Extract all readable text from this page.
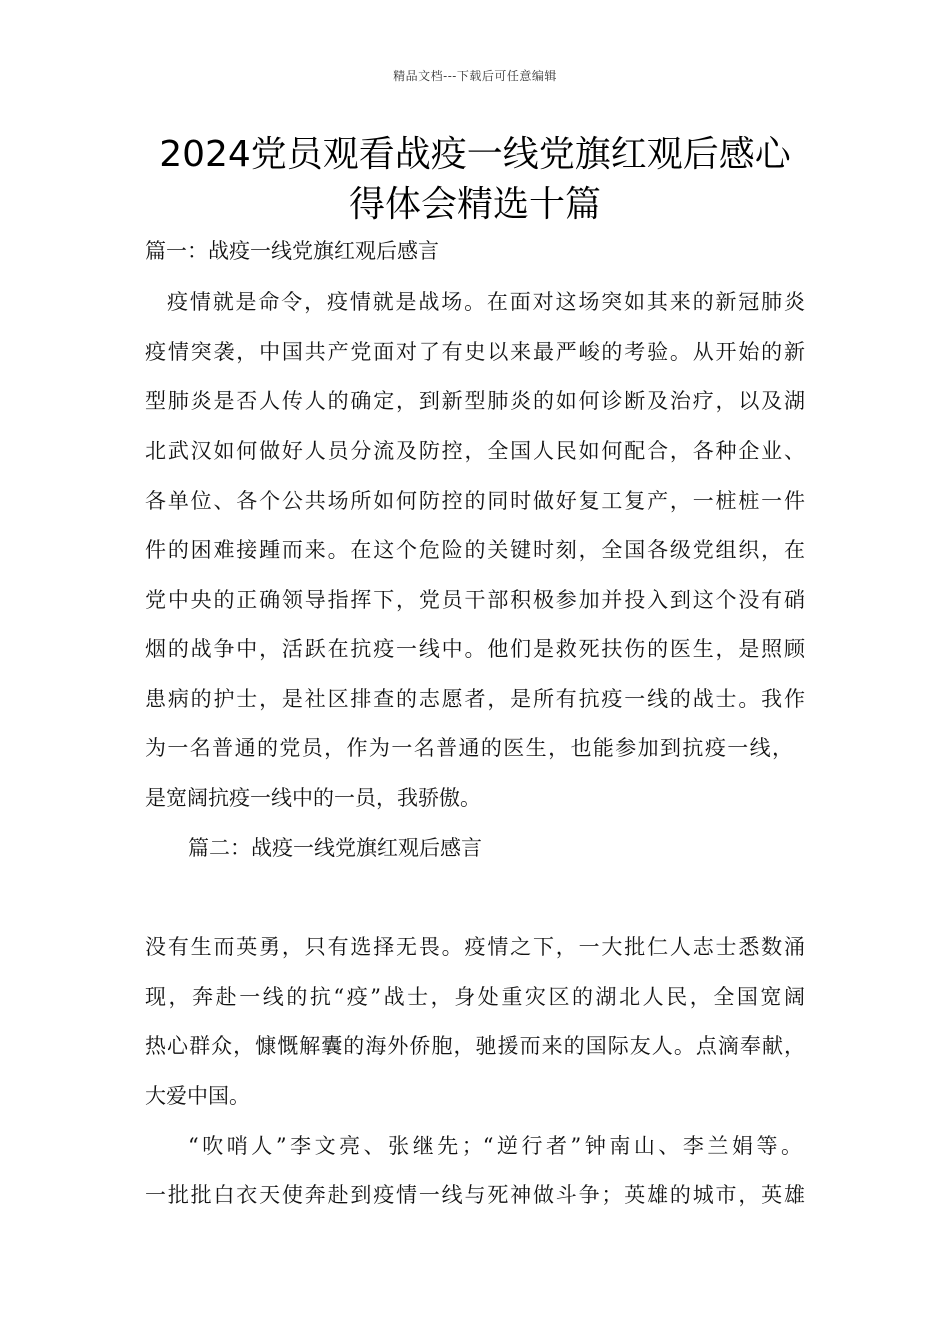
精品文档---下载后可任意编辑
2024党员观看战疫一线党旗红观后感心
得体会精选十篇

篇一：战疫一线党旗红观后感言

疫情就是命令，疫情就是战场。在面对这场突如其来的新冠肺炎

疫情突袭，中国共产党面对了有史以来最严峻的考验。从开始的新

型肺炎是否人传人的确定，到新型肺炎的如何诊断及治疗，以及湖

北武汉如何做好人员分流及防控，全国人民如何配合，各种企业、

各单位、各个公共场所如何防控的同时做好复工复产，一桩桩一件

件的困难接踵而来。在这个危险的关键时刻，全国各级党组织，在

党中央的正确领导指挥下，党员干部积极参加并投入到这个没有硝

烟的战争中，活跃在抗疫一线中。他们是救死扶伤的医生，是照顾

患病的护士，是社区排查的志愿者，是所有抗疫一线的战士。我作

为一名普通的党员，作为一名普通的医生，也能参加到抗疫一线，

是宽阔抗疫一线中的一员，我骄傲。

篇二：战疫一线党旗红观后感言

没有生而英勇，只有选择无畏。疫情之下，一大批仁人志士悉数涌

现，奔赴一线的抗“疫”战士，身处重灾区的湖北人民，全国宽阔

热心群众，慷慨解囊的海外侨胞，驰援而来的国际友人。点滴奉献，

大爱中国。

“吹哨人”李文亮、张继先；“逆行者”钟南山、李兰娟等。

一批批白衣天使奔赴到疫情一线与死神做斗争；英雄的城市，英雄
